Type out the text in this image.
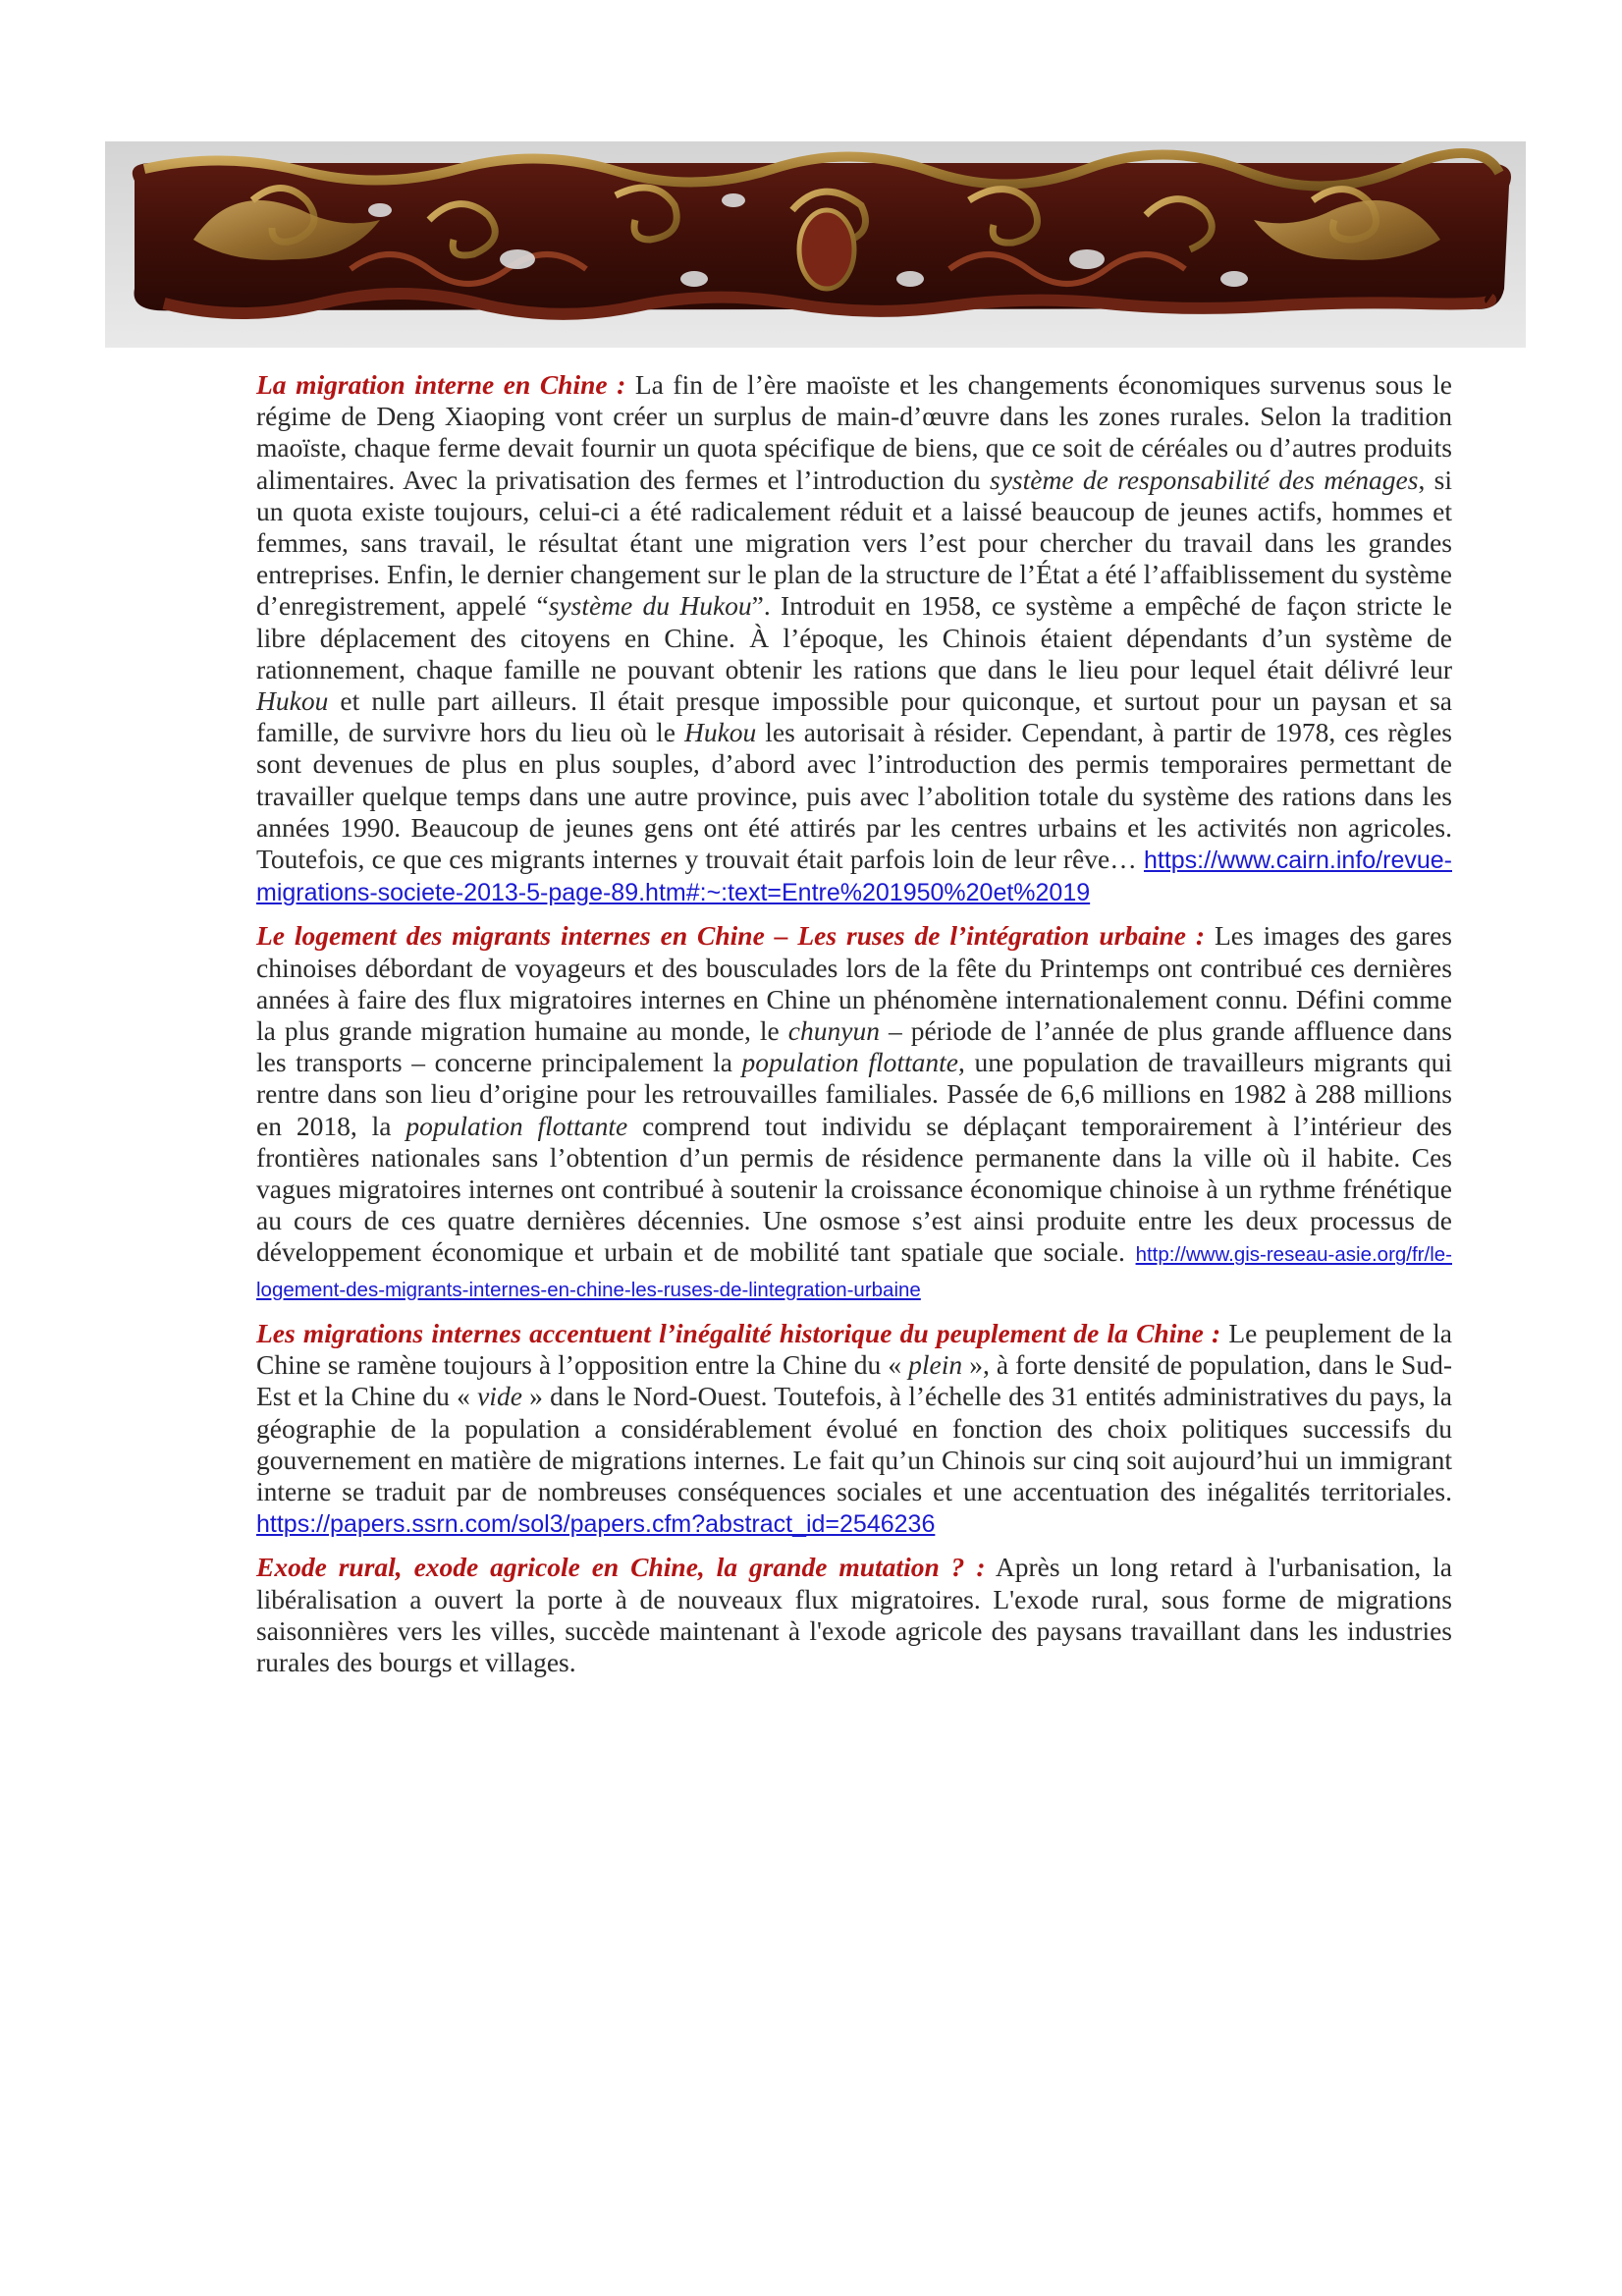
La migration interne en Chine : La fin de l’ère maoïste et les changements économiques survenus sous le régime de Deng Xiaoping vont créer un surplus de main-d’œuvre dans les zones rurales. Selon la tradition maoïste, chaque ferme devait fournir un quota spécifique de biens, que ce soit de céréales ou d’autres produits alimentaires. Avec la privatisation des fermes et l’introduction du système de responsabilité des ménages, si un quota existe toujours, celui-ci a été radicalement réduit et a laissé beaucoup de jeunes actifs, hommes et femmes, sans travail, le résultat étant une migration vers l’est pour chercher du travail dans les grandes entreprises. Enfin, le dernier changement sur le plan de la structure de l’État a été l’affaiblissement du système d’enregistrement, appelé “système du Hukou”. Introduit en 1958, ce système a empêché de façon stricte le libre déplacement des citoyens en Chine. À l’époque, les Chinois étaient dépendants d’un système de rationnement, chaque famille ne pouvant obtenir les rations que dans le lieu pour lequel était délivré leur Hukou et nulle part ailleurs. Il était presque impossible pour quiconque, et surtout pour un paysan et sa famille, de survivre hors du lieu où le Hukou les autorisait à résider. Cependant, à partir de 1978, ces règles sont devenues de plus en plus souples, d’abord avec l’introduction des permis temporaires permettant de travailler quelque temps dans une autre province, puis avec l’abolition totale du système des rations dans les années 1990. Beaucoup de jeunes gens ont été attirés par les centres urbains et les activités non agricoles. Toutefois, ce que ces migrants internes y trouvait était parfois loin de leur rêve… https://www.cairn.info/revue-migrations-societe-2013-5-page-89.htm#:~:text=Entre%201950%20et%2019

Le logement des migrants internes en Chine – Les ruses de l’intégration urbaine : Les images des gares chinoises débordant de voyageurs et des bousculades lors de la fête du Printemps ont contribué ces dernières années à faire des flux migratoires internes en Chine un phénomène internationalement connu. Défini comme la plus grande migration humaine au monde, le chunyun – période de l’année de plus grande affluence dans les transports – concerne principalement la population flottante, une population de travailleurs migrants qui rentre dans son lieu d’origine pour les retrouvailles familiales. Passée de 6,6 millions en 1982 à 288 millions en 2018, la population flottante comprend tout individu se déplaçant temporairement à l’intérieur des frontières nationales sans l’obtention d’un permis de résidence permanente dans la ville où il habite. Ces vagues migratoires internes ont contribué à soutenir la croissance économique chinoise à un rythme frénétique au cours de ces quatre dernières décennies. Une osmose s’est ainsi produite entre les deux processus de développement économique et urbain et de mobilité tant spatiale que sociale. http://www.gis-reseau-asie.org/fr/le-logement-des-migrants-internes-en-chine-les-ruses-de-lintegration-urbaine

Les migrations internes accentuent l’inégalité historique du peuplement de la Chine : Le peuplement de la Chine se ramène toujours à l’opposition entre la Chine du « plein », à forte densité de population, dans le Sud-Est et la Chine du « vide » dans le Nord-Ouest. Toutefois, à l’échelle des 31 entités administratives du pays, la géographie de la population a considérablement évolué en fonction des choix politiques successifs du gouvernement en matière de migrations internes. Le fait qu’un Chinois sur cinq soit aujourd’hui un immigrant interne se traduit par de nombreuses conséquences sociales et une accentuation des inégalités territoriales. https://papers.ssrn.com/sol3/papers.cfm?abstract_id=2546236

Exode rural, exode agricole en Chine, la grande mutation ? : Après un long retard à l'urbanisation, la libéralisation a ouvert la porte à de nouveaux flux migratoires. L'exode rural, sous forme de migrations saisonnières vers les villes, succède maintenant à l'exode agricole des paysans travaillant dans les industries rurales des bourgs et villages.
